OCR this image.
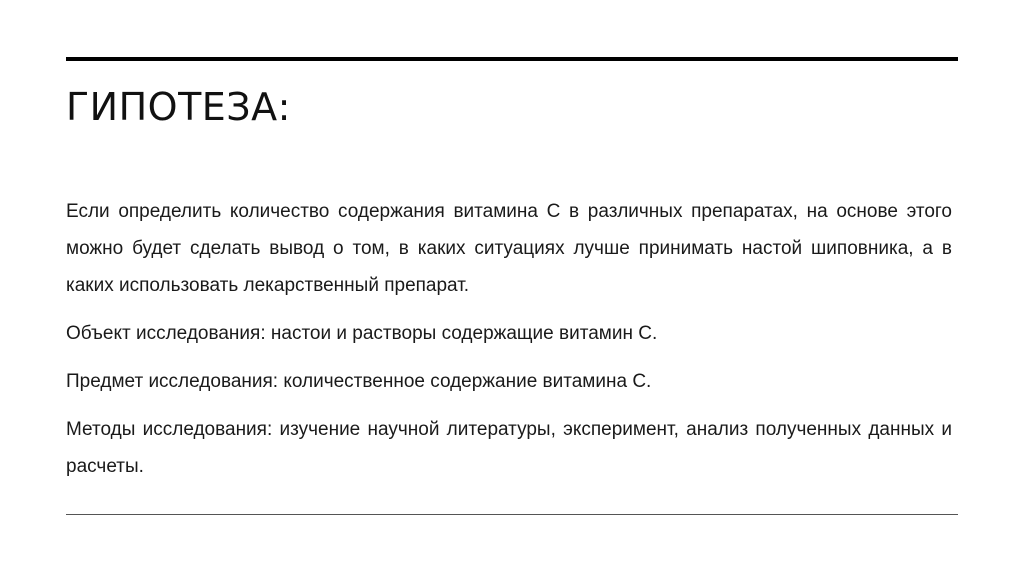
ГИПОТЕЗА:

Если определить количество содержания витамина С в различных препаратах, на основе этого можно будет сделать вывод о том, в каких ситуациях лучше принимать настой шиповника, а в каких использовать лекарственный препарат.

Объект исследования: настои и растворы содержащие витамин С.

Предмет исследования: количественное содержание витамина С.

Методы исследования: изучение научной литературы, эксперимент, анализ полученных данных и расчеты.
